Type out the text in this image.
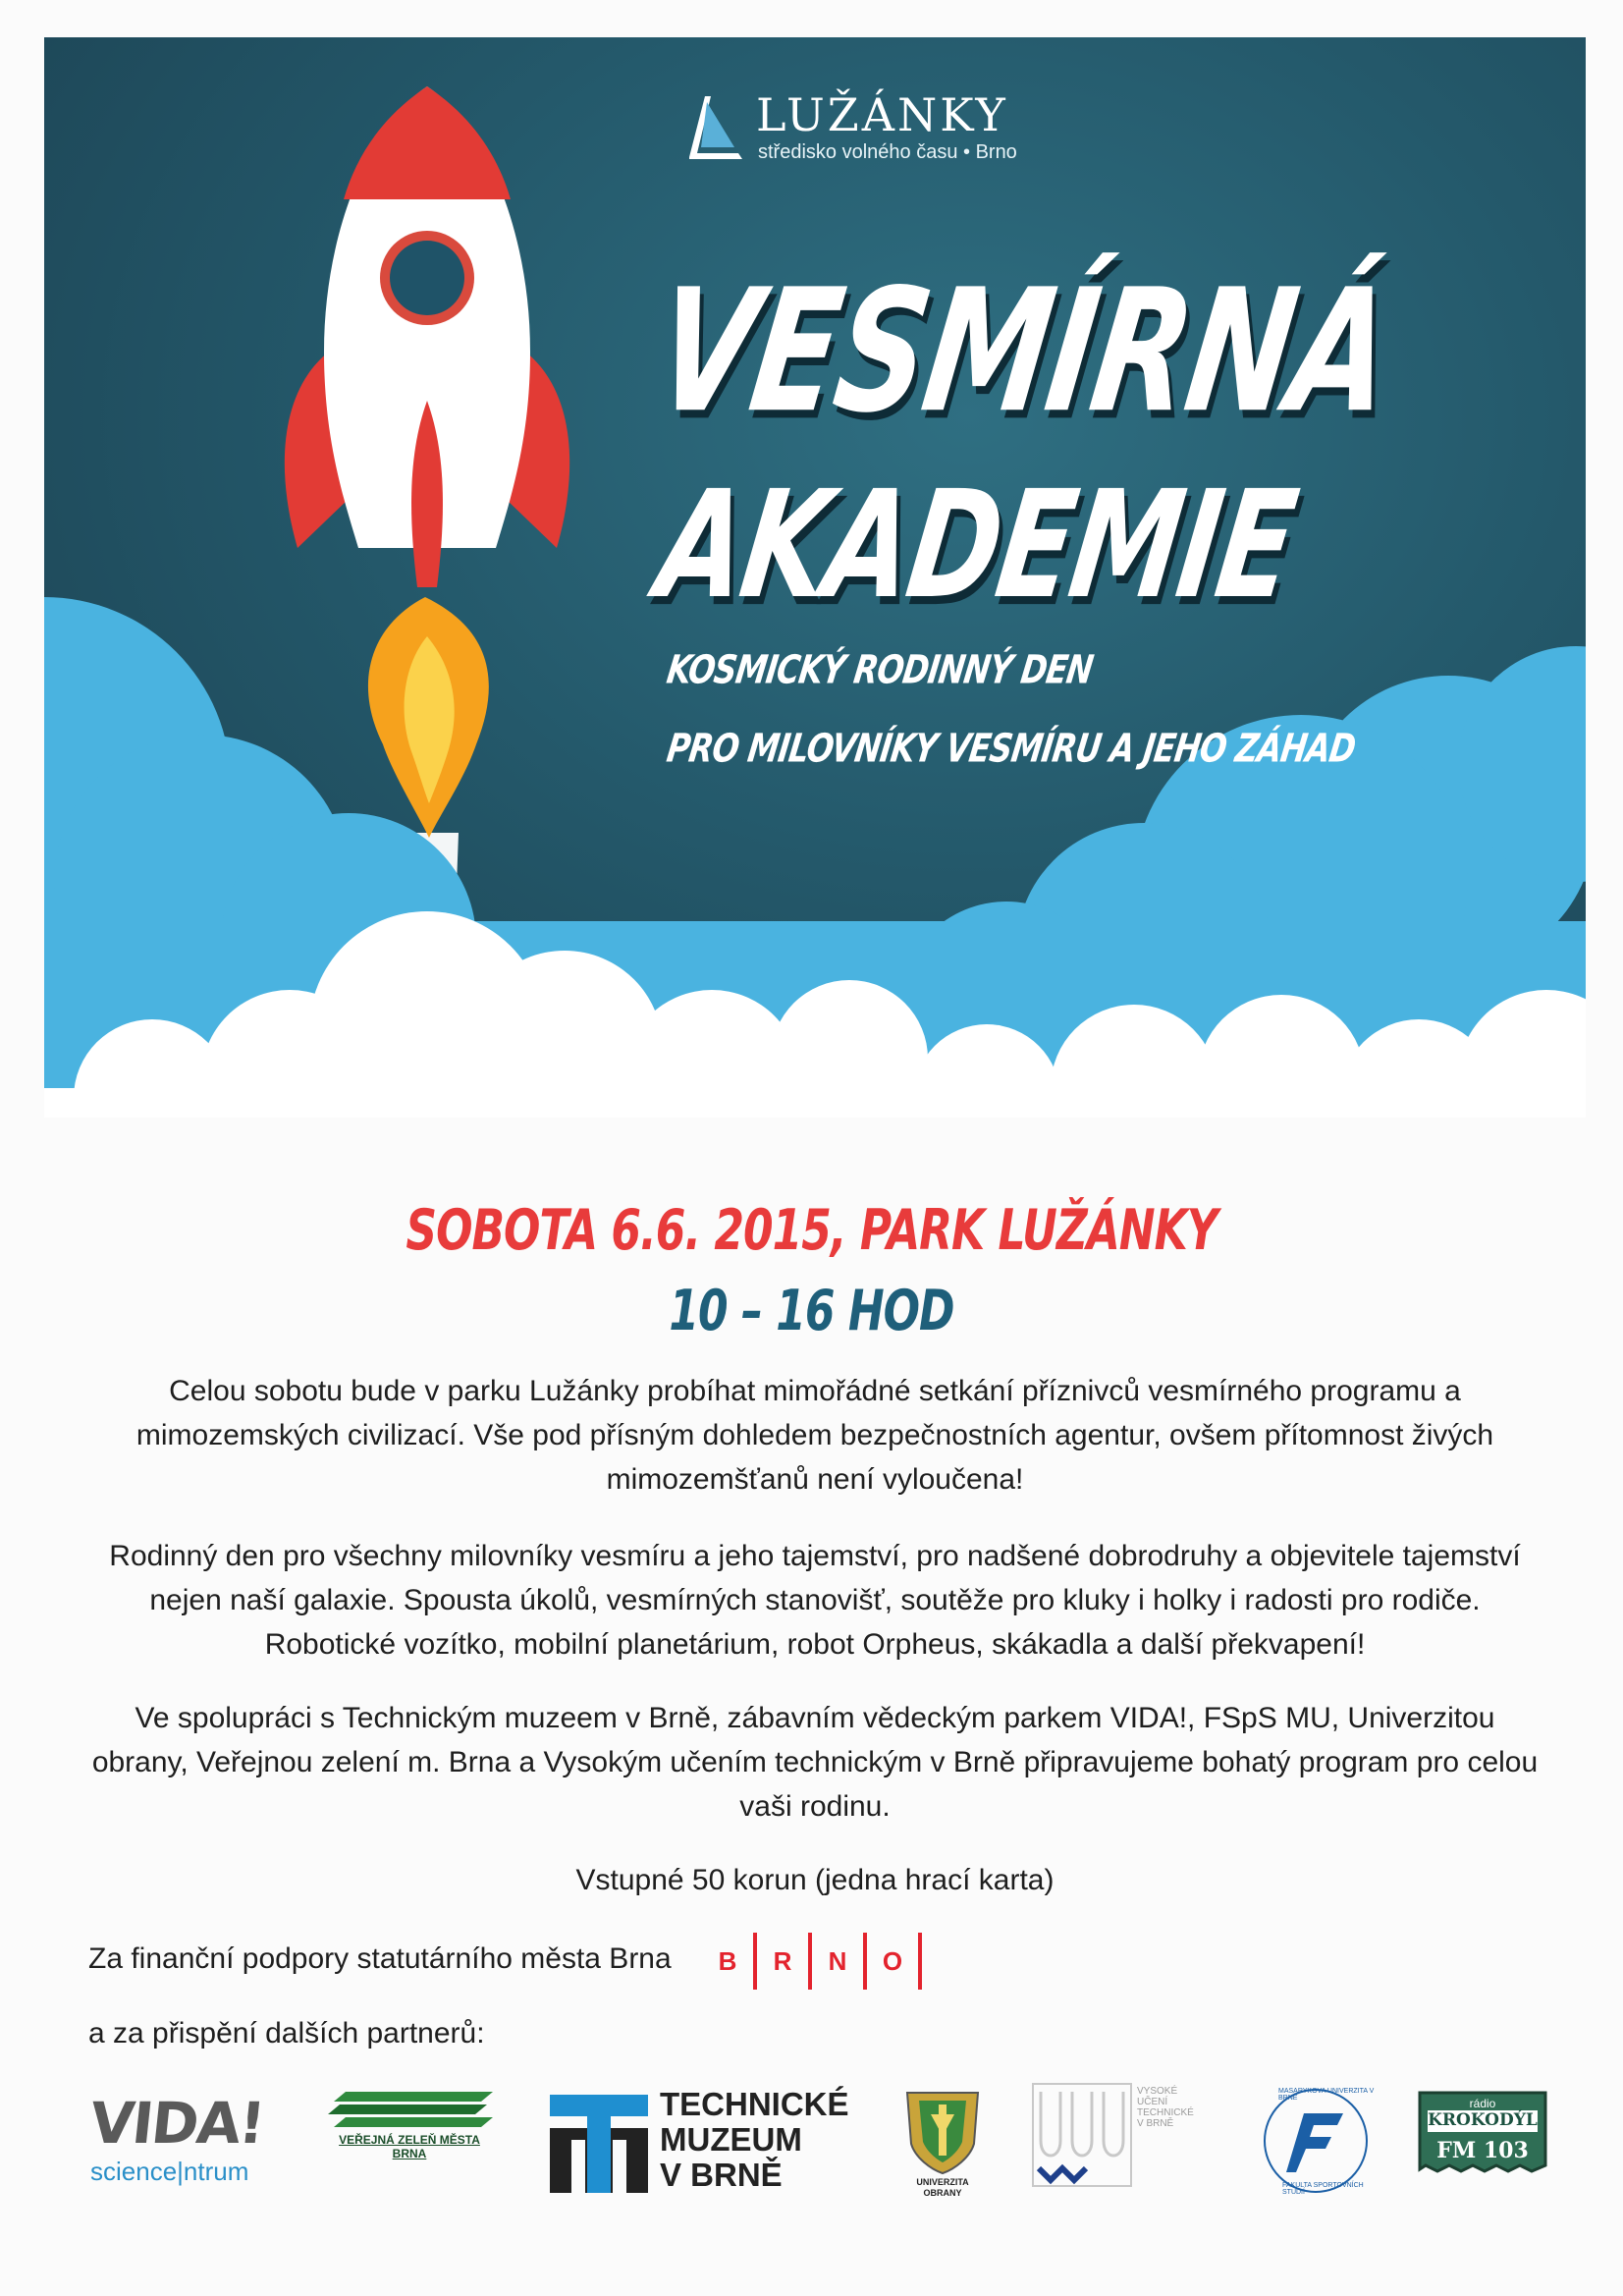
LUŽÁNKY
středisko volného času • Brno
VESMÍRNÁ
AKADEMIE
KOSMICKÝ RODINNÝ DEN
PRO MILOVNÍKY VESMÍRU A JEHO ZÁHAD
SOBOTA 6.6. 2015, PARK LUŽÁNKY
10 – 16 HOD

Celou sobotu bude v parku Lužánky probíhat mimořádné setkání příznivců vesmírného programu a mimozemských civilizací. Vše pod přísným dohledem bezpečnostních agentur, ovšem přítomnost živých mimozemšťanů není vyloučena!

Rodinný den pro všechny milovníky vesmíru a jeho tajemství, pro nadšené dobrodruhy a objevitele tajemství nejen naší galaxie. Spousta úkolů, vesmírných stanovišť, soutěže pro kluky i holky i radosti pro rodiče. Robotické vozítko, mobilní planetárium, robot Orpheus, skákadla a další překvapení!

Ve spolupráci s Technickým muzeem v Brně, zábavním vědeckým parkem VIDA!, FSpS MU, Univerzitou obrany, Veřejnou zelení m. Brna a Vysokým učením technickým v Brně připravujeme bohatý program pro celou vaši rodinu.

Vstupné 50 korun (jedna hrací karta)

Za finanční podpory statutárního města Brna	B	R	N	O
a za přispění dalších partnerů:
VIDA!
science|ntrum
VEŘEJNÁ ZELEŇ MĚSTA BRNA
TECHNICKÉ
MUZEUM
V BRNĚ	UNIVERZITA
OBRANY
VYSOKÉ
UČENÍ
TECHNICKÉ
V BRNĚ
MASARYKOVA UNIVERZITA V BRNĚ
FAKULTA SPORTOVNÍCH STUDIÍ
rádio
KROKODÝL
FM 103
